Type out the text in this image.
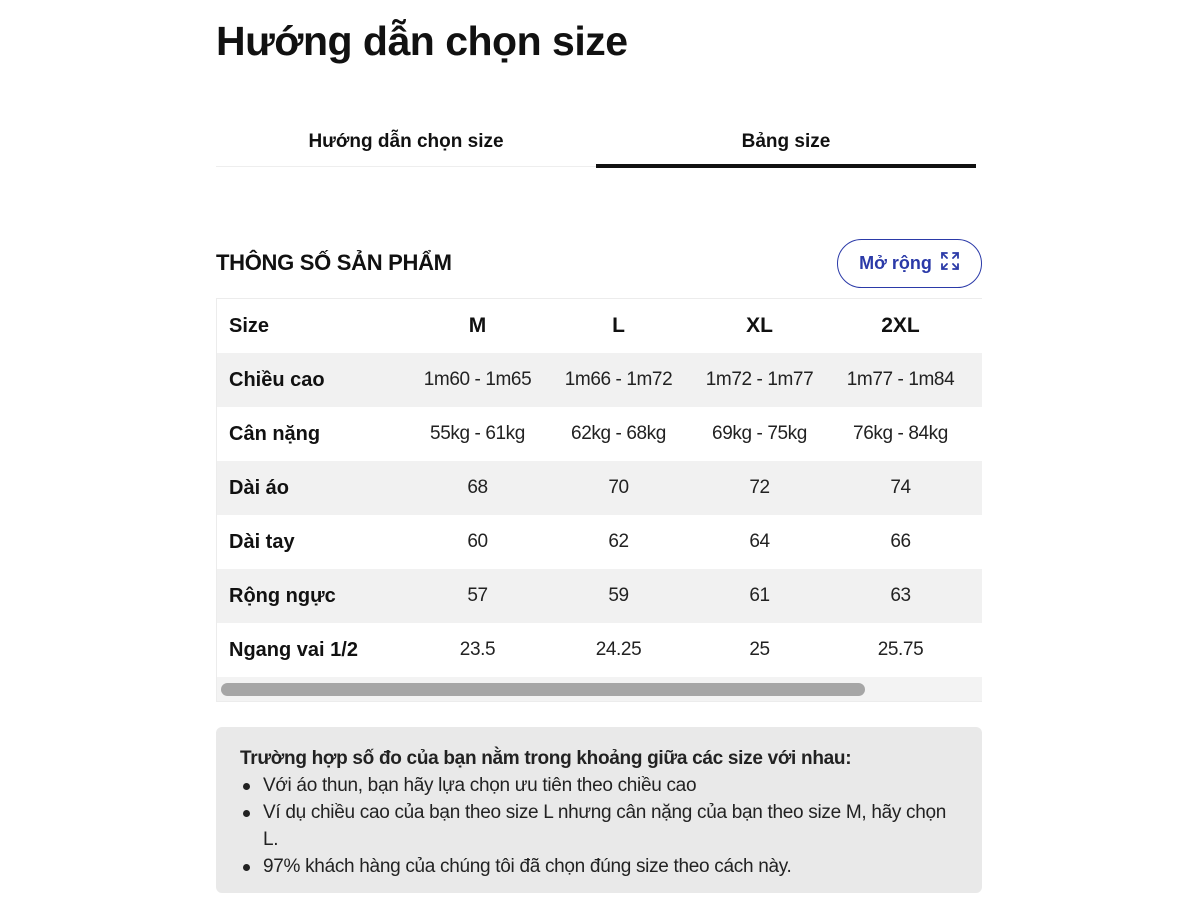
Hướng dẫn chọn size
Hướng dẫn chọn size	Bảng size
THÔNG SỐ SẢN PHẨM	Mở rộng
Size	M	L	XL	2XL
Chiều cao	1m60 - 1m65	1m66 - 1m72	1m72 - 1m77	1m77 - 1m84
Cân nặng	55kg - 61kg	62kg - 68kg	69kg - 75kg	76kg - 84kg
Dài áo	68	70	72	74
Dài tay	60	62	64	66
Rộng ngực	57	59	61	63
Ngang vai 1/2	23.5	24.25	25	25.75
Trường hợp số đo của bạn nằm trong khoảng giữa các size với nhau:
Với áo thun, bạn hãy lựa chọn ưu tiên theo chiều cao
Ví dụ chiều cao của bạn theo size L nhưng cân nặng của bạn theo size M, hãy chọn L.
97% khách hàng của chúng tôi đã chọn đúng size theo cách này.
